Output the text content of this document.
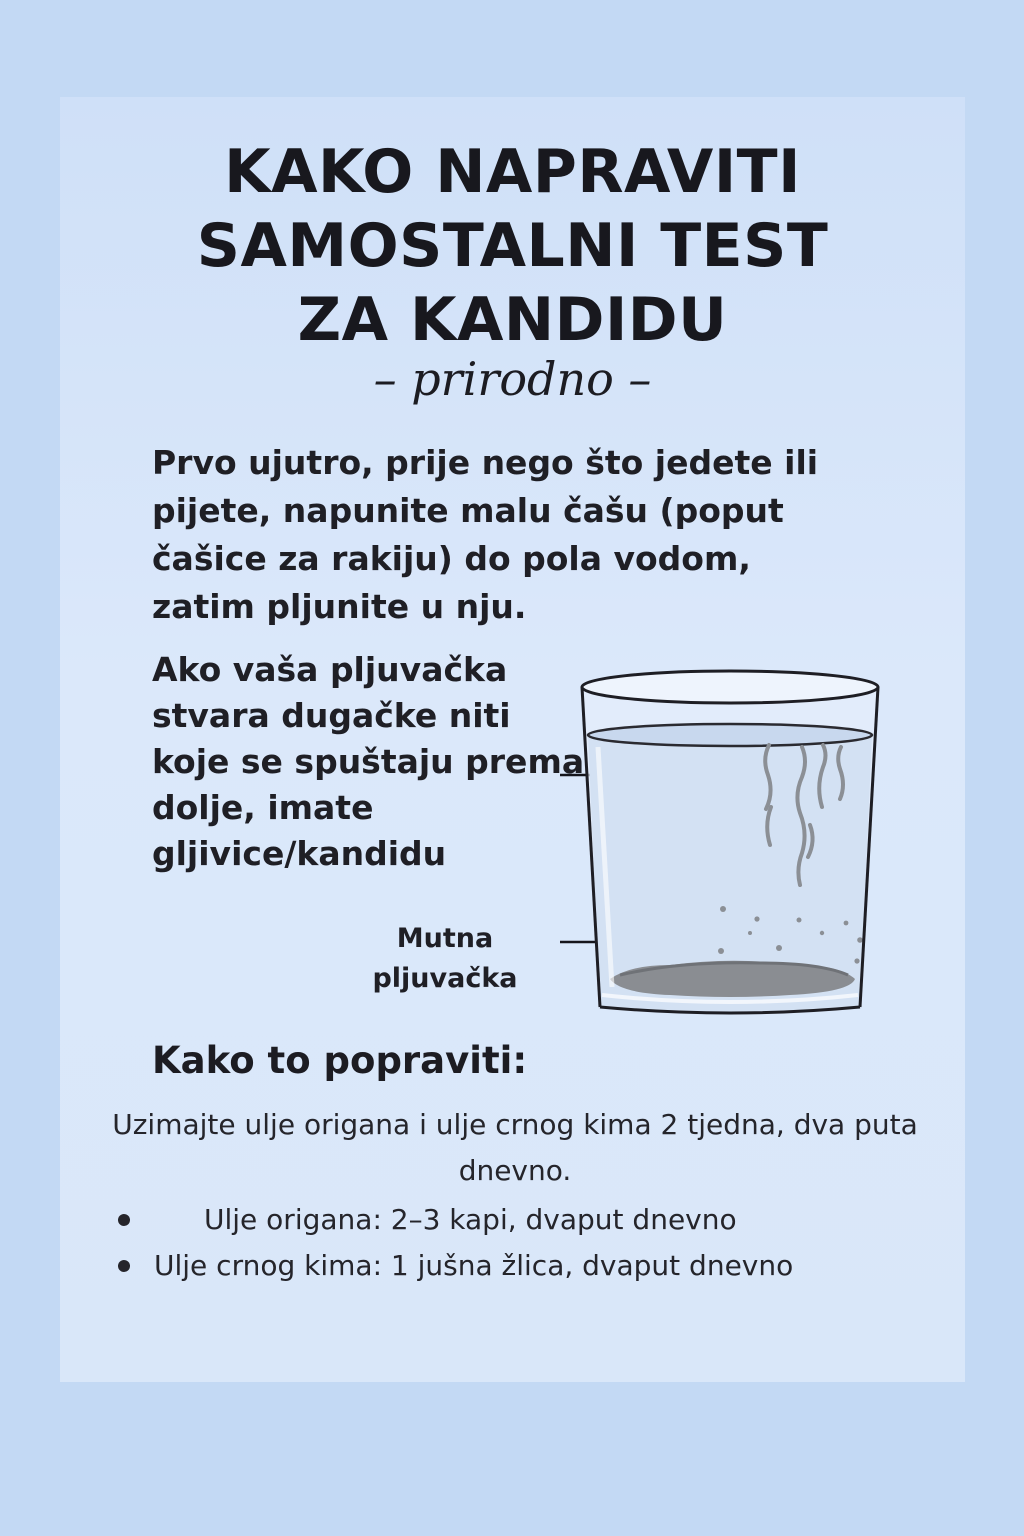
KAKO NAPRAVITI
SAMOSTALNI TEST
ZA KANDIDU
– prirodno –

Prvo ujutro, prije nego što jedete ili pijete, napunite malu čašu (poput čašice za rakiju) do pola vodom, zatim pljunite u nju.

Ako vaša pljuvačka stvara dugačke niti koje se spuštaju prema dolje, imate gljivice/kandidu

Mutna pljuvačka
Kako to popraviti:

Uzimajte ulje origana i ulje crnog kima 2 tjedna, dva puta dnevno.

Ulje origana: 2–3 kapi, dvaput dnevno
Ulje crnog kima: 1 jušna žlica, dvaput dnevno
